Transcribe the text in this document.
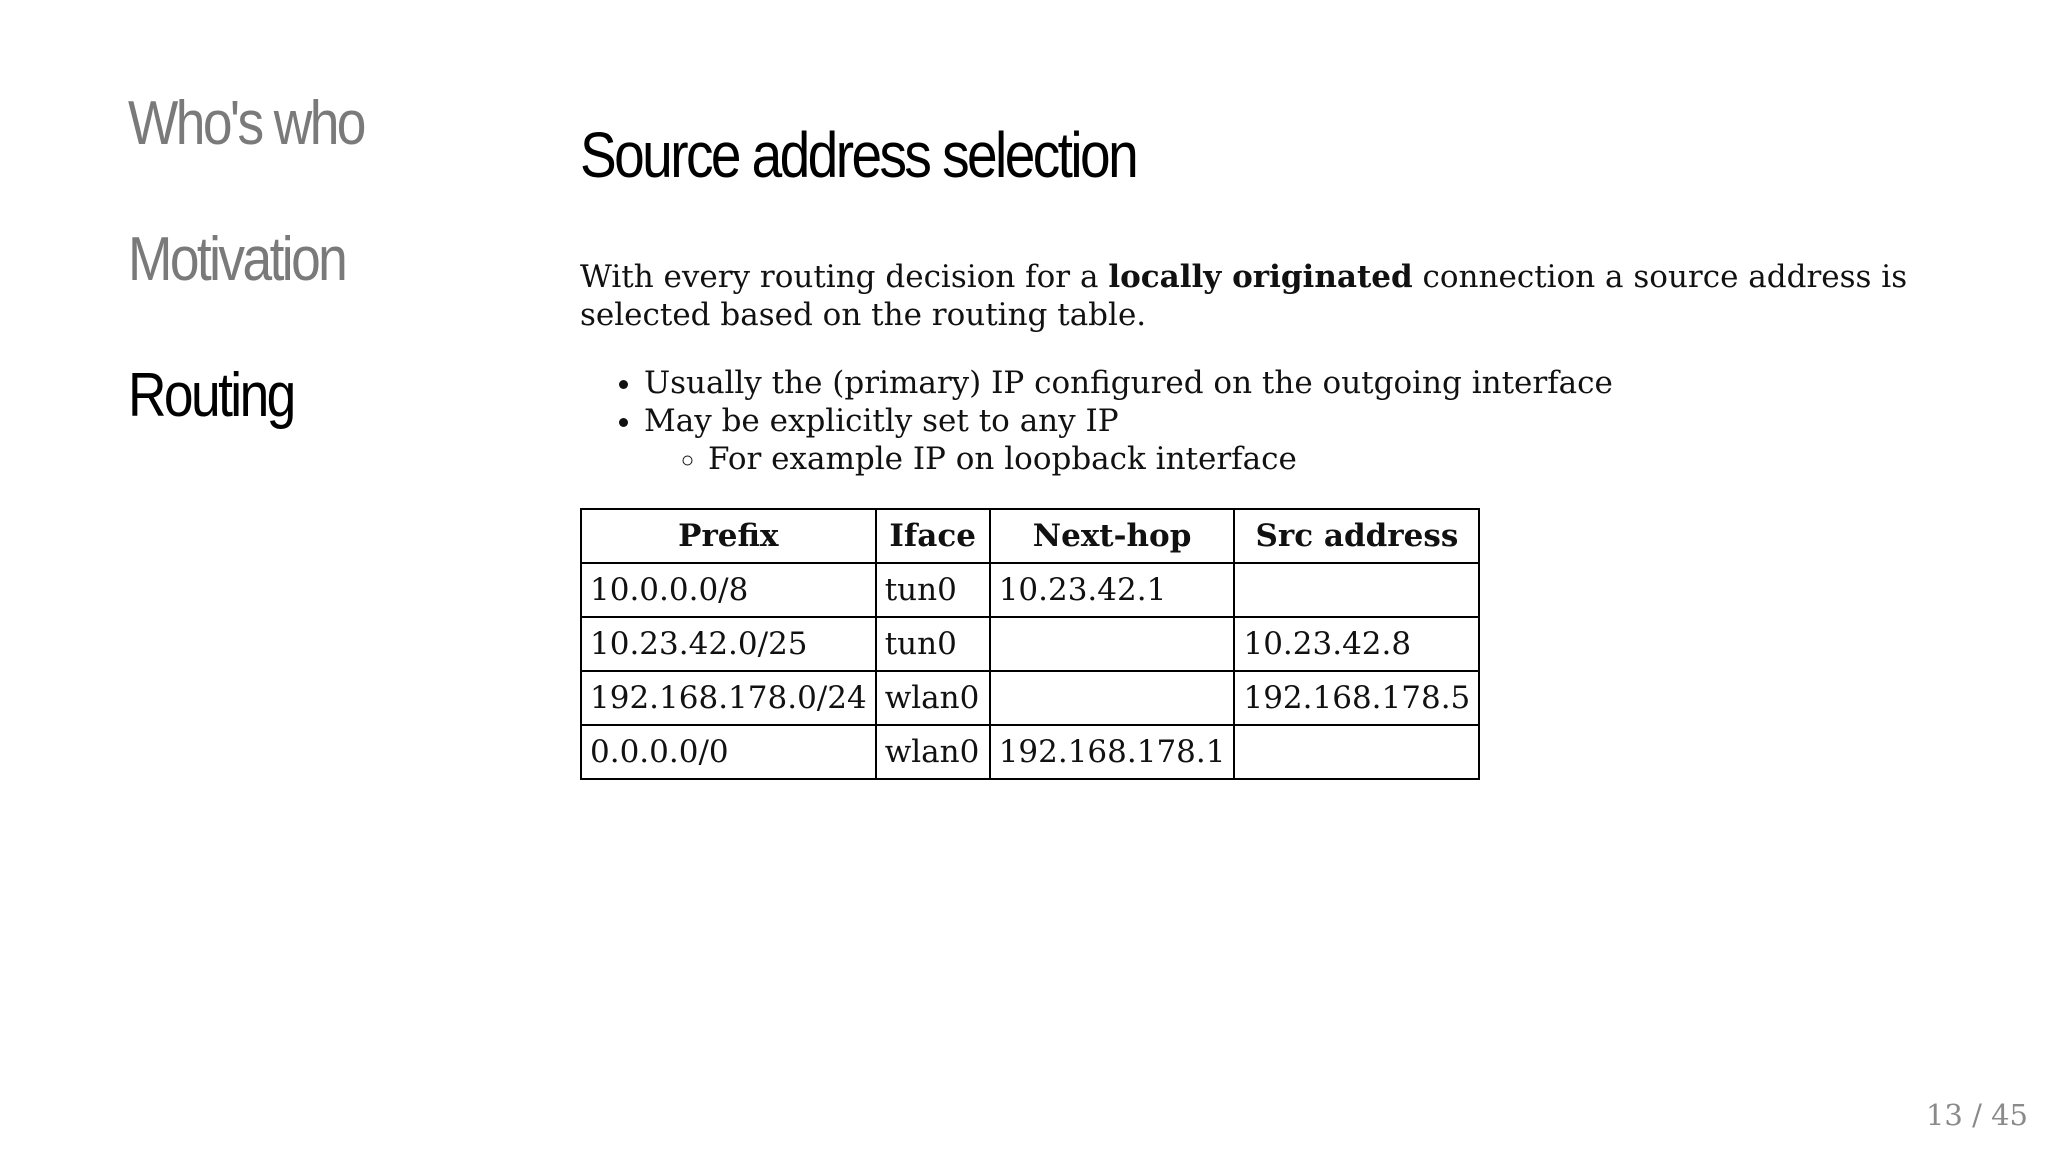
Who's who
Motivation
Routing
Source address selection

With every routing decision for a locally originated connection a source address is selected based on the routing table.

• Usually the (primary) IP configured on the outgoing interface
• May be explicitly set to any IP
◦ For example IP on loopback interface
Prefix	Iface	Next-hop	Src address
10.0.0.0/8	tun0	10.23.42.1	
10.23.42.0/25	tun0		10.23.42.8
192.168.178.0/24	wlan0		192.168.178.5
0.0.0.0/0	wlan0	192.168.178.1	
13 / 45
